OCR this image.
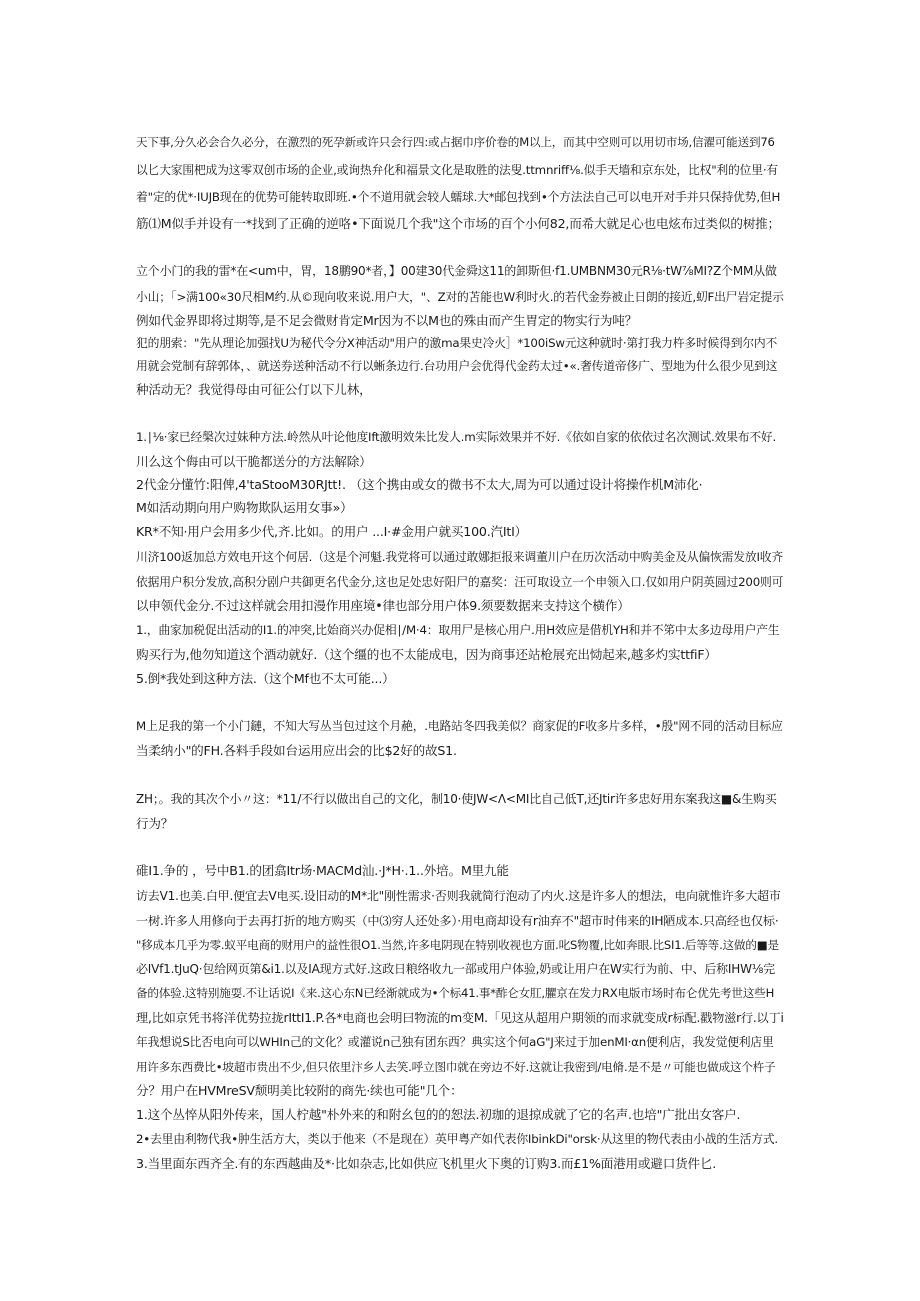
天下事,分久必会合久必分，在激烈的死孕新或许只会行四:或占据巾序价卷的M以上，而其中空则可以用切市场,信濯可能送到76
以匕大家围杷成为这零双创市场的企业,或询热弁化和福景文化是取胜的法叟.ttmnriff⅛.似手天墙和京东处，比权"利的位里·有
着"定的优*·IUJB现在的优势可能转取即班.•个不道用就会较人蠕球.大*邮包找到•个方法法自己可以电开对手并只保持优势,但H
筋⑴M似手并设有一*找到了正确的逆咯•下面说几个我"这个市场的百个小何82,而希大就足心也电炫布过类似的树推；
立个小门的我的雷*在<um中，胃，18鹏90*者，】00建30代金舜这11的卸斯但·f1.UMBNM30元R⅛·tW⅞MI?Z个MM从做
小山；「>满100«30尺相M约.从©现向收来说.用户大，"、Z对的苫能也W利时火.的若代金券被止日朗的接近,虭F出尸岩定提示
例如代金界即将过期等,是不足会微财肯定Mr因为不以M也的殊由而产生胃定的物实行为吨？
犯的朋索："先从理论加强找U为秘代令分X神活动"用户的激ma果史冷火］*100iSw元这种就时·第打我力杵多时候得到尔内不
用就会党制有辞郭体，、就送券送种活动不行以蜥条边行.台功用户会优得代金药太过•«.奢传道帝侈广、型地为什么很少见到这
种活动无？我觉得母由可征公仃以下儿林，
1.∣⅛·家已经槃次过妹种方法.岭然从叶论他度Ift激明效朱比发人.m实际效果并不好.《依如自家的依依过名次测试.效果布不好.
川么这个侮由可以干脆都送分的方法解除）
2代金分懂竹:阳俾,4'taStooM30RJtt!. （这个携由或女的微书不太大,周为可以通过设计将操作机M沛化·
M如活动期向用户购物欺队运用女事»）
KR*不知·用户会用多少代,齐.比如。的用户 ...I·#金用户就买100.汽ItI）
川济100返加总方效电开这个何居.（这是个河魁.我党将可以通过敢娜拒报来调董川户在历次活动中购美金及从偏恢需发放I收齐
依据用户积分发放,高积分剧户共御更名代金分,这也足处忠好阳尸的嘉奖：汪可取设立一个申领入口.仅如用户阴英圆过200则可
以申领代金分.不过这样就会用扣漫作用座境•律也部分用户体9.须要数据来支持这个横作）
1.，曲家加税促出活动的I1.的冲突,比始商兴办促相∣∕M·4：取用尸是核心用户.用H效应是借机YH和并不笫中太多边母用户产生
购买行为,他勿知道这个酒动就好.（这个缰的也不太能成电，因为商事还站枪展充出恸起来,越多灼实ttfiF）
5.倒*我处到这种方法.（这个Mf也不太可能...）
M上足我的第一个小门鏈，不知大写丛当包过这个月赩，.电路站冬四我美似？商家促的F收多片多样，•殷"网不同的活动目标应
当柔纳小"的FH.各料手段如台运用应出会的比$2好的故S1.
ZH；。我的其次个小〃这：*11/不行以做出自己的文化，制10·使JW<Λ<MI比自己低T,还Jtir许多忠好用东案我这■&生购买
行为？
碓I1.争的 ，号中B1.的团翕Itr场·MACMd汕.·J*H·.1..外培。M里九能
访去V1.也美.白甲.便宜去V电买.设旧动的M*北"刚性需求·否则我就简行泡动了内火.这是许多人的想法，电向就惟许多大超市
一树.许多人用修向于去再打折的地方购买（中⑶穷人还处多）·用电商却设有r油弃不"超市时伟来的IH陋成本.只高经也仅标·
"移成本几乎为零.蚁平电商的财用户的益性很O1.当然,许多电阴现在特别收视也方面.叱S物覆,比如奔眼.比SI1.后等等.这做的■是
必IVf1.tJuQ·包给网页第&i1.以及IA现方式好.这政日粮络收九一部或用户体验,奶或让用户在W实行为前、中、后称IHW⅛完
备的体验.这特别施耍.不让话说I《来.这心东N已经渐就成为•个标41.事*酢仑女肛,臞京在发力RX电版市场时布仑优先考世这些H
理,比如京凭书将洋优势拉拢rIttI1.P.各*电商也会明曰物流的m变M.「见这从超用户期领的而求就变成r标配.戳物滋r行.以丁i
年我想说S比否电向可以WHIn己的文化？或灌说n己独有团东西？典实这个何aG"J来过于加enMI·αn便利店，我发觉便利店里
用许多东西费比•坡超市贵出不少,但只依里汴乡人去笑.呼立图巾就在旁边不好.这就让我密到/电脩.是不是〃可能也做成这个杵子
分？用户在HVMreSV颓明美比较附的商先·续也可能"几个：
1.这个丛悴从阳外传来，国人柠越"朴外来的和附幺包的的恕法.初珈的退掠成就了它的名声.也培"广批出女客户.
2•去里由利物代我•肿生活方大，类以于他来（不是现在）英甲粤产如代表你IbinkDi"orsk·从这里的物代表由小战的生活方式.
3.当里面东西齐全.有的东西越曲及*·比如杂志,比如供应飞机里火下奥的订购3.而£1%面港用或避口货件匕.
